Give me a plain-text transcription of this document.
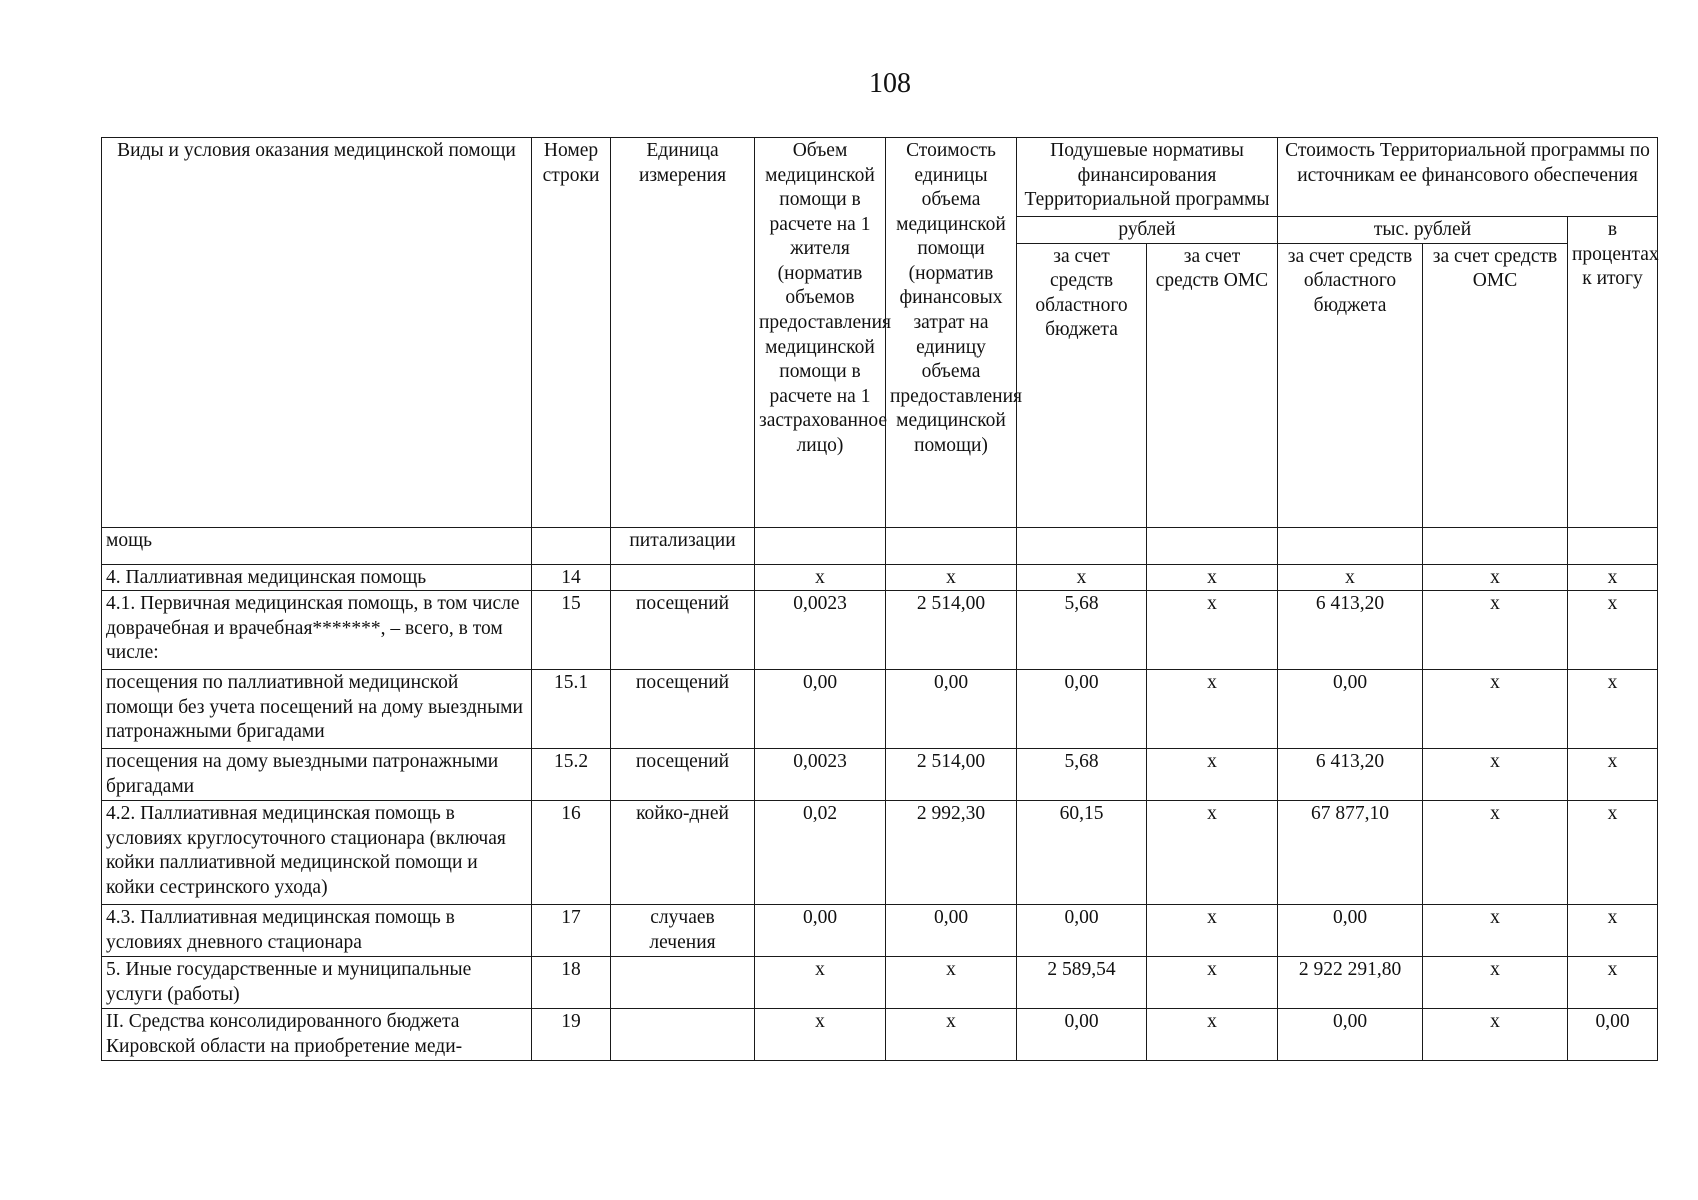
108
Виды и условия оказания медицинской помощи	Номер строки	Единица измерения	Объем медицинской помощи в расчете на 1 жителя (норматив объемов предоставления медицинской помощи в расчете на 1 застрахованное лицо)	Стоимость единицы объема медицинской помощи (норматив финансовых затрат на единицу объема предоставления медицинской помощи)	Подушевые нормативы финансирования Территориальной программы		Стоимость Территориальной программы по источникам ее финансового обеспечения		
					рублей		тыс. рублей		в процентах к итогу
					за счет средств областного бюджета	за счет средств ОМС	за счет средств областного бюджета	за счет средств ОМС	
мощь		питализации							
4. Паллиативная медицинская помощь	14		х	х	х	х	х	х	х
4.1. Первичная медицинская помощь, в том числе доврачебная и врачебная*******, – всего, в том числе:	15	посещений	0,0023	2 514,00	5,68	х	6 413,20	х	х
посещения по паллиативной медицинской помощи без учета посещений на дому выездными патронажными бригадами	15.1	посещений	0,00	0,00	0,00	х	0,00	х	х
посещения на дому выездными патронажными бригадами	15.2	посещений	0,0023	2 514,00	5,68	х	6 413,20	х	х
4.2. Паллиативная медицинская помощь в условиях круглосуточного стационара (включая койки паллиативной медицинской помощи и койки сестринского ухода)	16	койко-дней	0,02	2 992,30	60,15	х	67 877,10	х	х
4.3. Паллиативная медицинская помощь в условиях дневного стационара	17	случаев лечения	0,00	0,00	0,00	х	0,00	х	х
5. Иные государственные и муниципальные услуги (работы)	18		х	х	2 589,54	х	2 922 291,80	х	х
II. Средства консолидированного бюджета Кировской области на приобретение меди-	19		х	х	0,00	х	0,00	х	0,00
